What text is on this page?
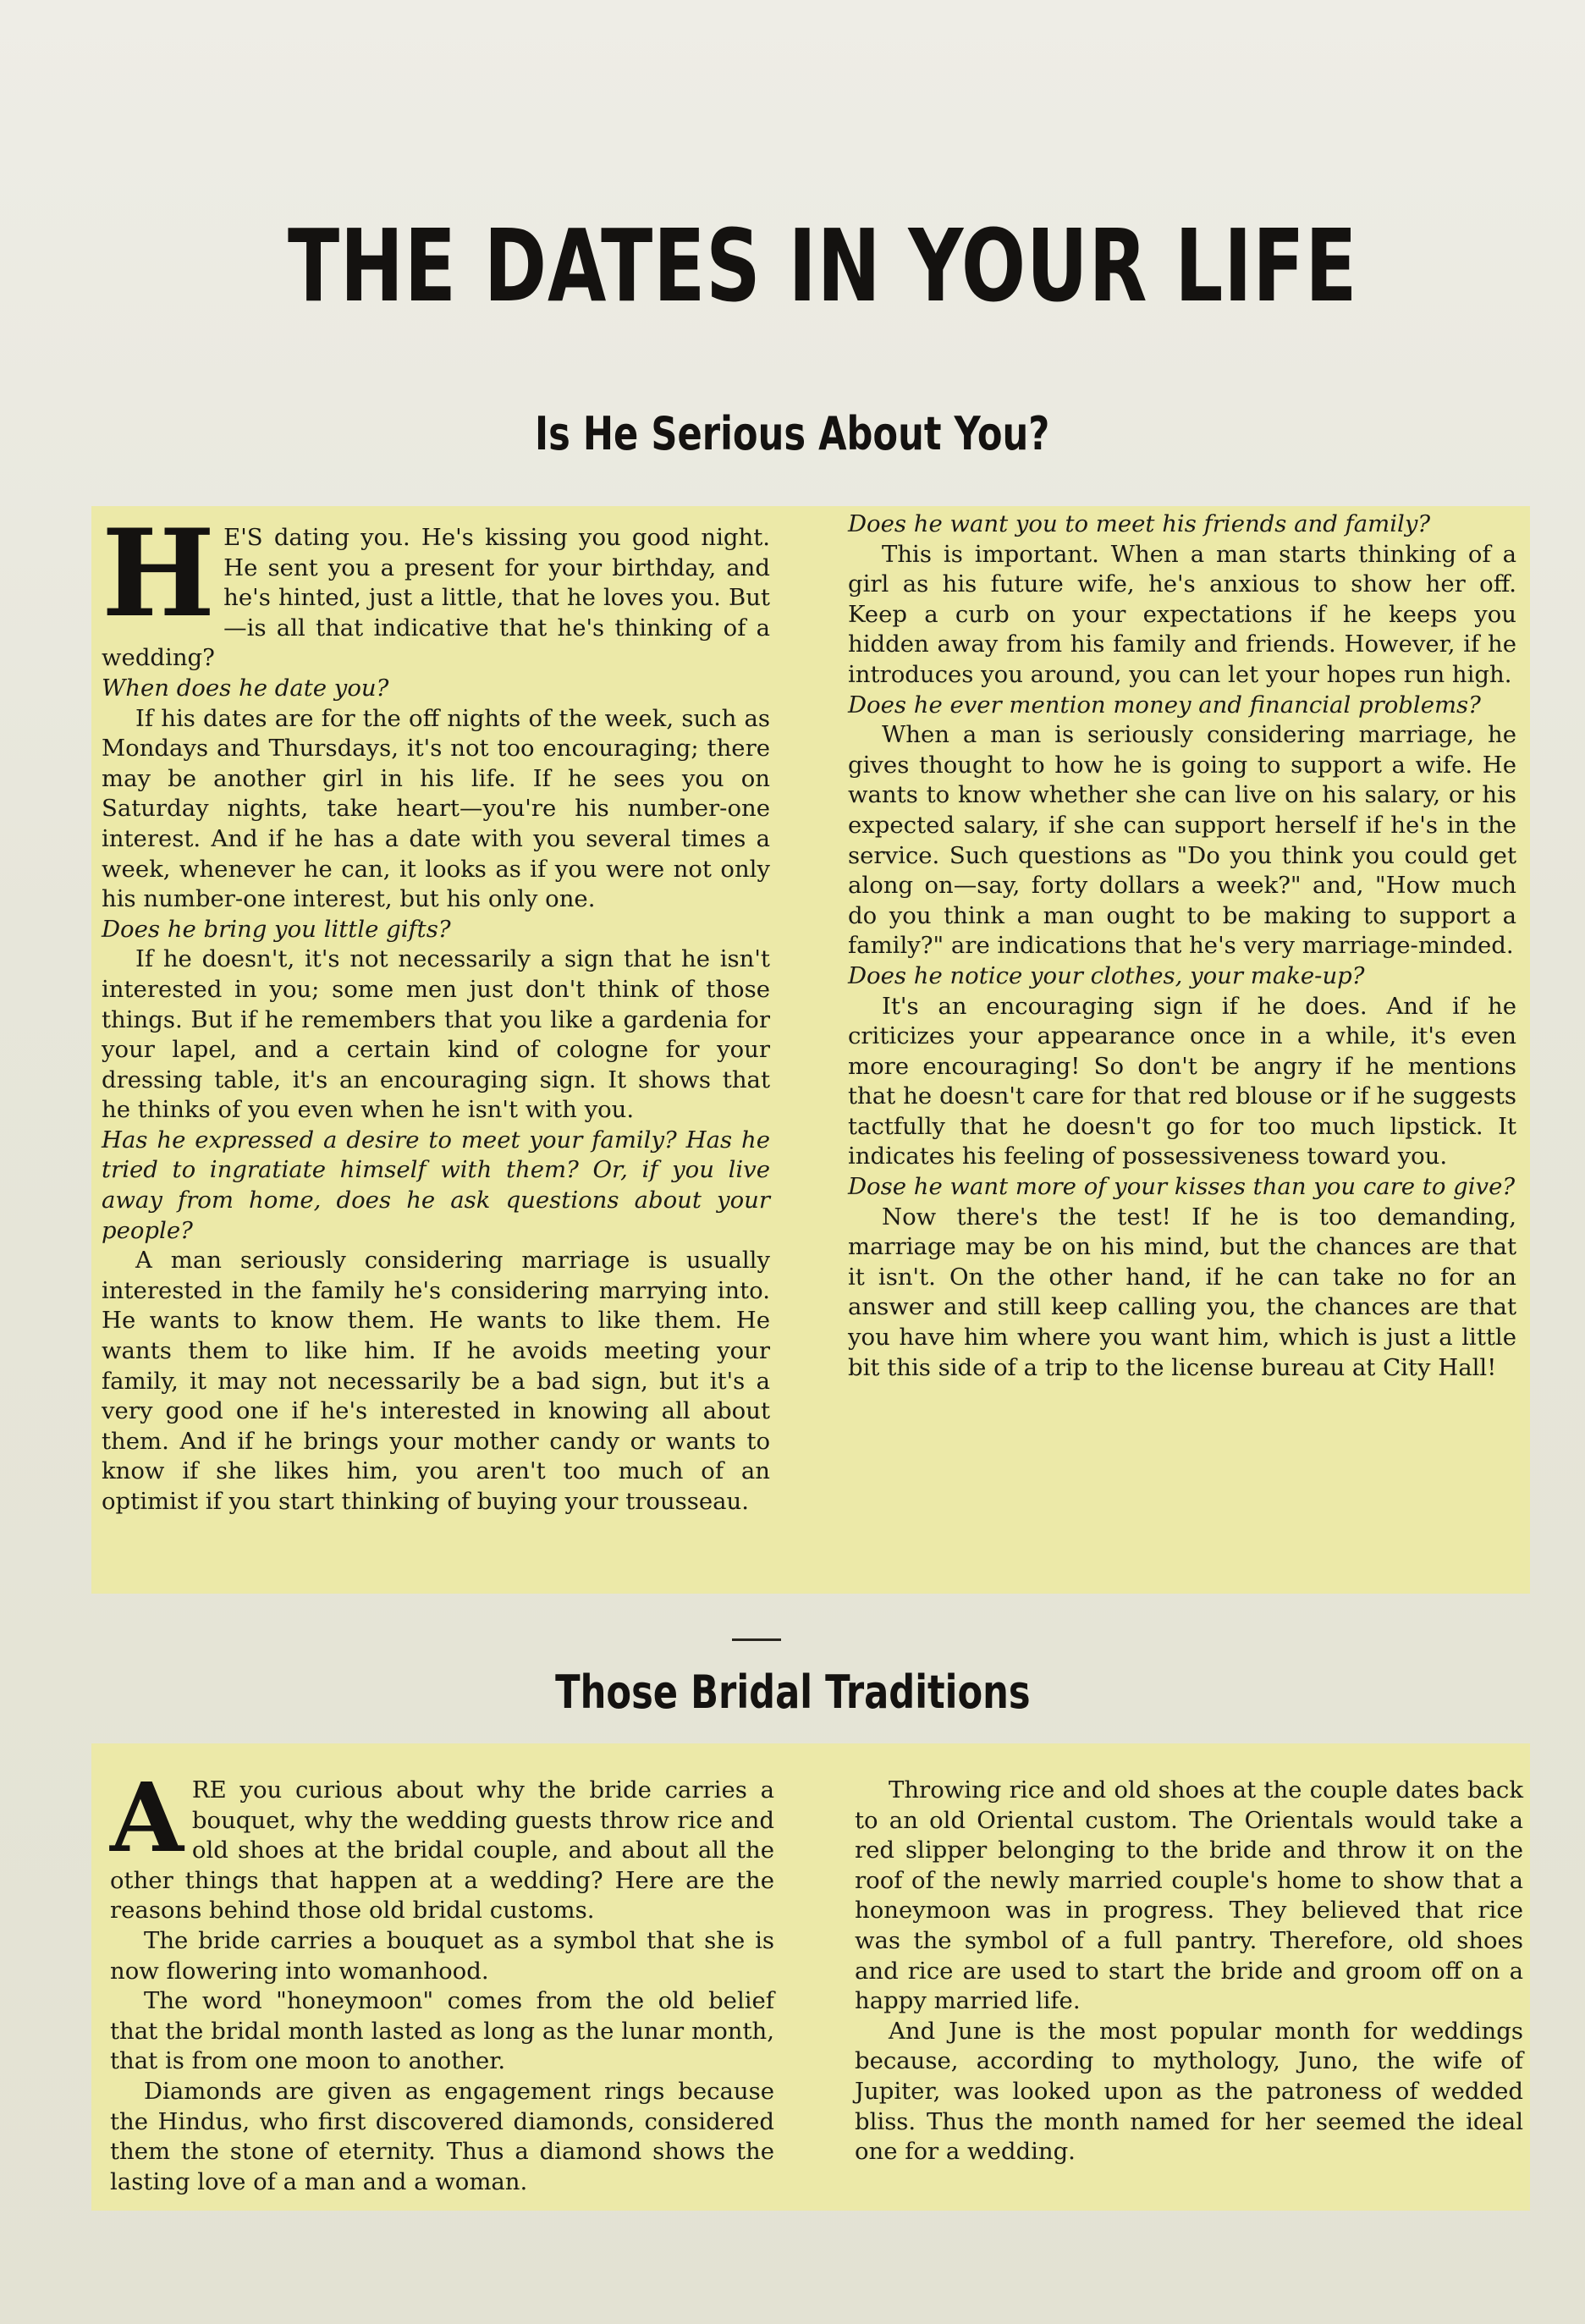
THE DATES IN YOUR LIFE
Is He Serious About You?

H E'S dating you. He's kissing you good night. He sent you a present for your birthday, and he's hinted, just a little, that he loves you. But—is all that indicative that he's thinking of a wedding?

When does he date you?

If his dates are for the off nights of the week, such as Mondays and Thursdays, it's not too encouraging; there may be another girl in his life. If he sees you on Saturday nights, take heart—you're his number-one interest. And if he has a date with you several times a week, whenever he can, it looks as if you were not only his number-one interest, but his only one.

Does he bring you little gifts?

If he doesn't, it's not necessarily a sign that he isn't interested in you; some men just don't think of those things. But if he remembers that you like a gardenia for your lapel, and a certain kind of cologne for your dressing table, it's an encouraging sign. It shows that he thinks of you even when he isn't with you.

Has he expressed a desire to meet your family? Has he tried to ingratiate himself with them? Or, if you live away from home, does he ask questions about your people?

A man seriously considering marriage is usually interested in the family he's considering marrying into. He wants to know them. He wants to like them. He wants them to like him. If he avoids meeting your family, it may not necessarily be a bad sign, but it's a very good one if he's interested in knowing all about them. And if he brings your mother candy or wants to know if she likes him, you aren't too much of an optimist if you start thinking of buying your trousseau.

Does he want you to meet his friends and family?

This is important. When a man starts thinking of a girl as his future wife, he's anxious to show her off. Keep a curb on your expectations if he keeps you hidden away from his family and friends. However, if he introduces you around, you can let your hopes run high.

Does he ever mention money and financial problems?

When a man is seriously considering marriage, he gives thought to how he is going to support a wife. He wants to know whether she can live on his salary, or his expected salary, if she can support herself if he's in the service. Such questions as "Do you think you could get along on—say, forty dollars a week?" and, "How much do you think a man ought to be making to support a family?" are indications that he's very marriage-minded.

Does he notice your clothes, your make-up?

It's an encouraging sign if he does. And if he criticizes your appearance once in a while, it's even more encouraging! So don't be angry if he mentions that he doesn't care for that red blouse or if he suggests tactfully that he doesn't go for too much lipstick. It indicates his feeling of possessiveness toward you.

Dose he want more of your kisses than you care to give?

Now there's the test! If he is too demanding, marriage may be on his mind, but the chances are that it isn't. On the other hand, if he can take no for an answer and still keep calling you, the chances are that you have him where you want him, which is just a little bit this side of a trip to the license bureau at City Hall!

Those Bridal Traditions

ARE you curious about why the bride carries a bouquet, why the wedding guests throw rice and old shoes at the bridal couple, and about all the other things that happen at a wedding? Here are the reasons behind those old bridal customs.

The bride carries a bouquet as a symbol that she is now flowering into womanhood.

The word "honeymoon" comes from the old belief that the bridal month lasted as long as the lunar month, that is from one moon to another.

Diamonds are given as engagement rings because the Hindus, who first discovered diamonds, considered them the stone of eternity. Thus a diamond shows the lasting love of a man and a woman.

Throwing rice and old shoes at the couple dates back to an old Oriental custom. The Orientals would take a red slipper belonging to the bride and throw it on the roof of the newly married couple's home to show that a honeymoon was in progress. They believed that rice was the symbol of a full pantry. Therefore, old shoes and rice are used to start the bride and groom off on a happy married life.

And June is the most popular month for weddings because, according to mythology, Juno, the wife of Jupiter, was looked upon as the patroness of wedded bliss. Thus the month named for her seemed the ideal one for a wedding.
